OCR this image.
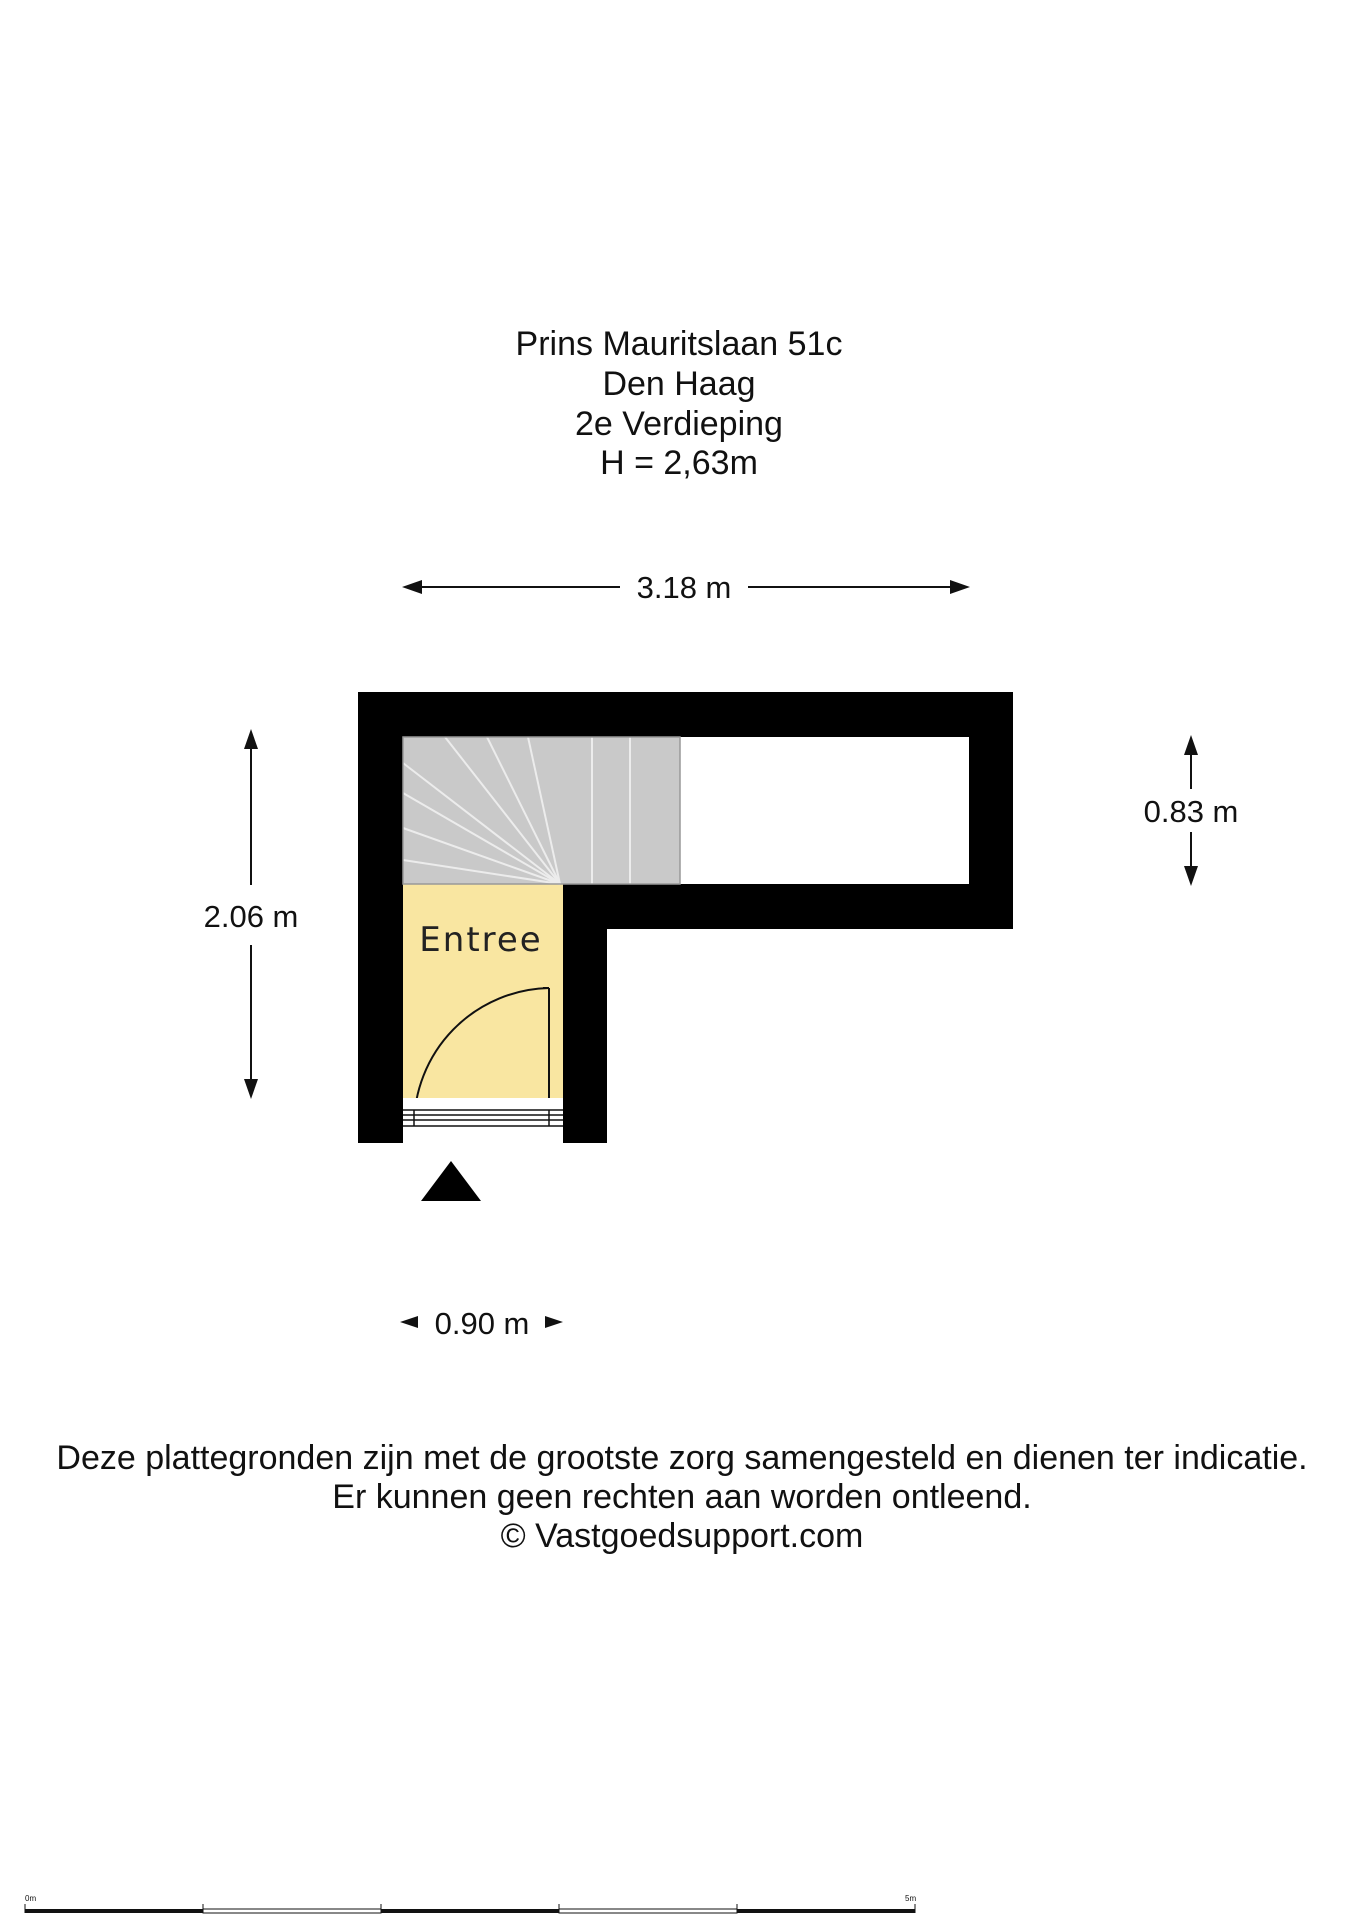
Prins Mauritslaan 51c
Den Haag
2e Verdieping
H = 2,63m
3.18 m
2.06 m
0.83 m
Entree
0.90 m
Deze plattegronden zijn met de grootste zorg samengesteld en dienen ter indicatie.
Er kunnen geen rechten aan worden ontleend.
© Vastgoedsupport.com
0m	5m
